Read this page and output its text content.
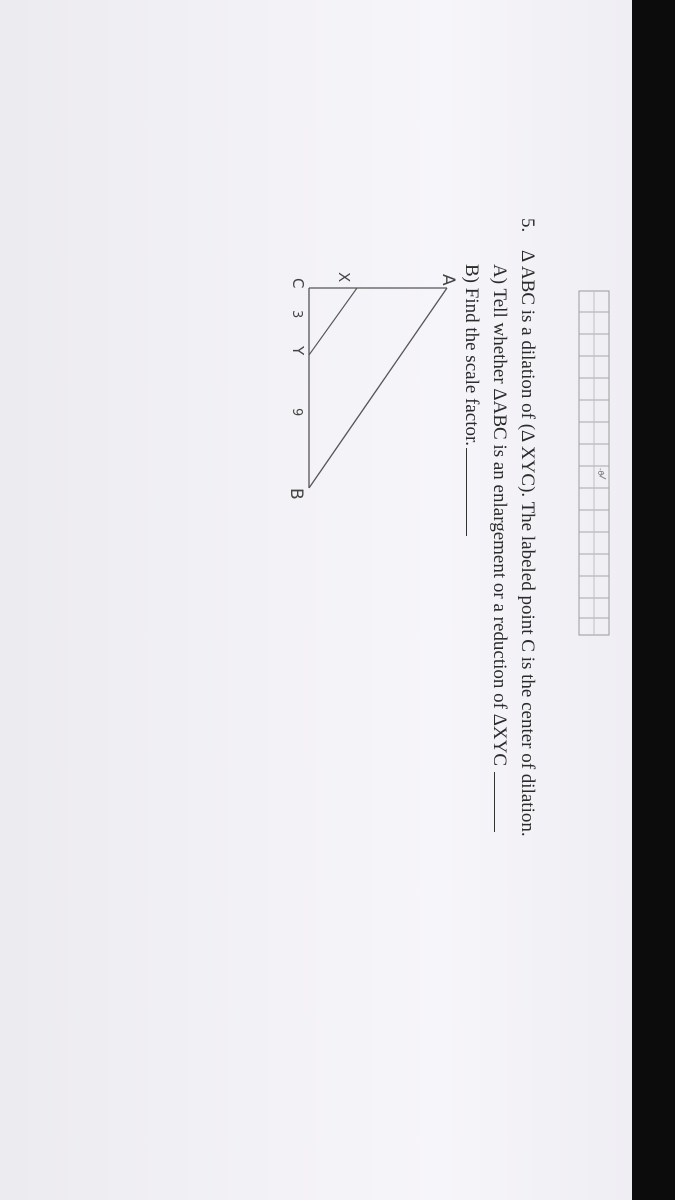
-6
5.
Δ ABC is a dilation of (Δ XYC). The labeled point C is the center of dilation.
A) Tell whether ΔABC is an enlargement or a reduction of ΔXYC
B) Find the scale factor.
A
B
X
C
Y
3
9
